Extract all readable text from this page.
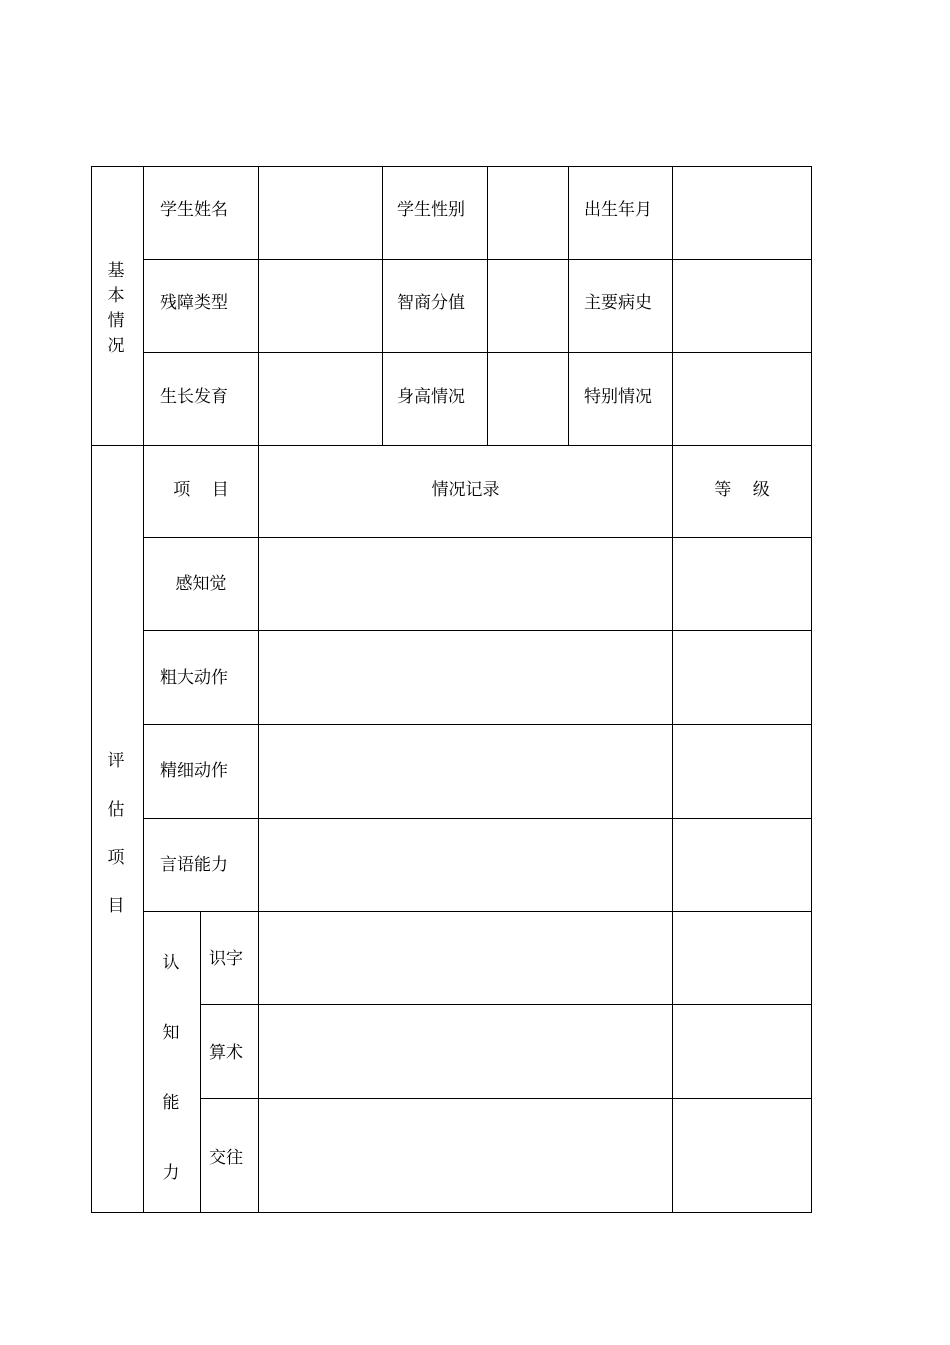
基
本
情
况
学生姓名	学生性别	出生年月
残障类型	智商分值	主要病史
生长发育	身高情况	特别情况
评
估
项
目
项    目	情况记录	等    级
感知觉
粗大动作
精细动作
言语能力
认
知
能
力
识字
算术
交往
